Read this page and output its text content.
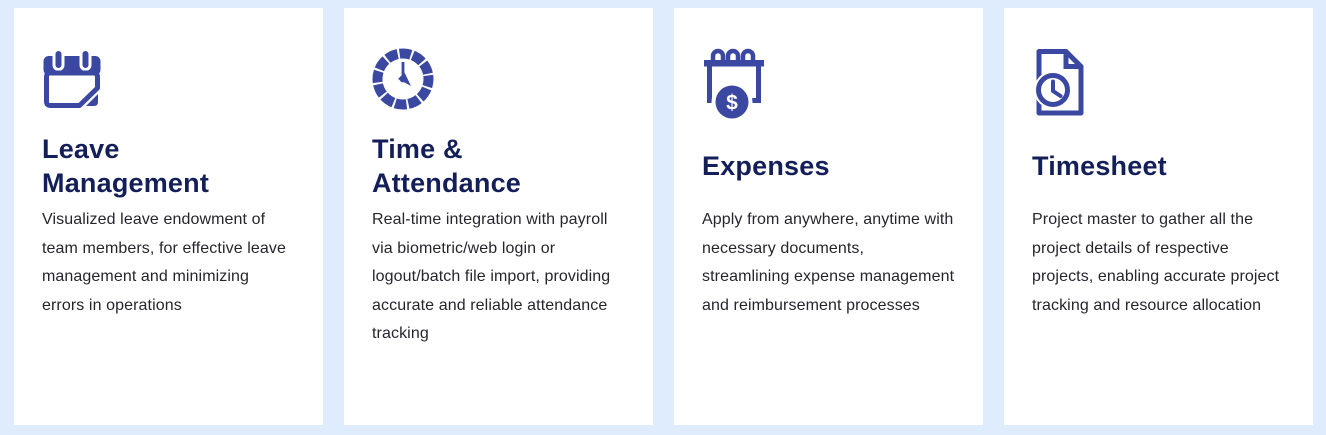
Leave Management
Visualized leave endowment of team members, for effective leave management and minimizing errors in operations
Time & Attendance
Real-time integration with payroll via biometric/web login or logout/batch file import, providing accurate and reliable attendance tracking
$
Expenses
Apply from anywhere, anytime with necessary documents, streamlining expense management and reimbursement processes
Timesheet
Project master to gather all the project details of respective projects, enabling accurate project tracking and resource allocation
